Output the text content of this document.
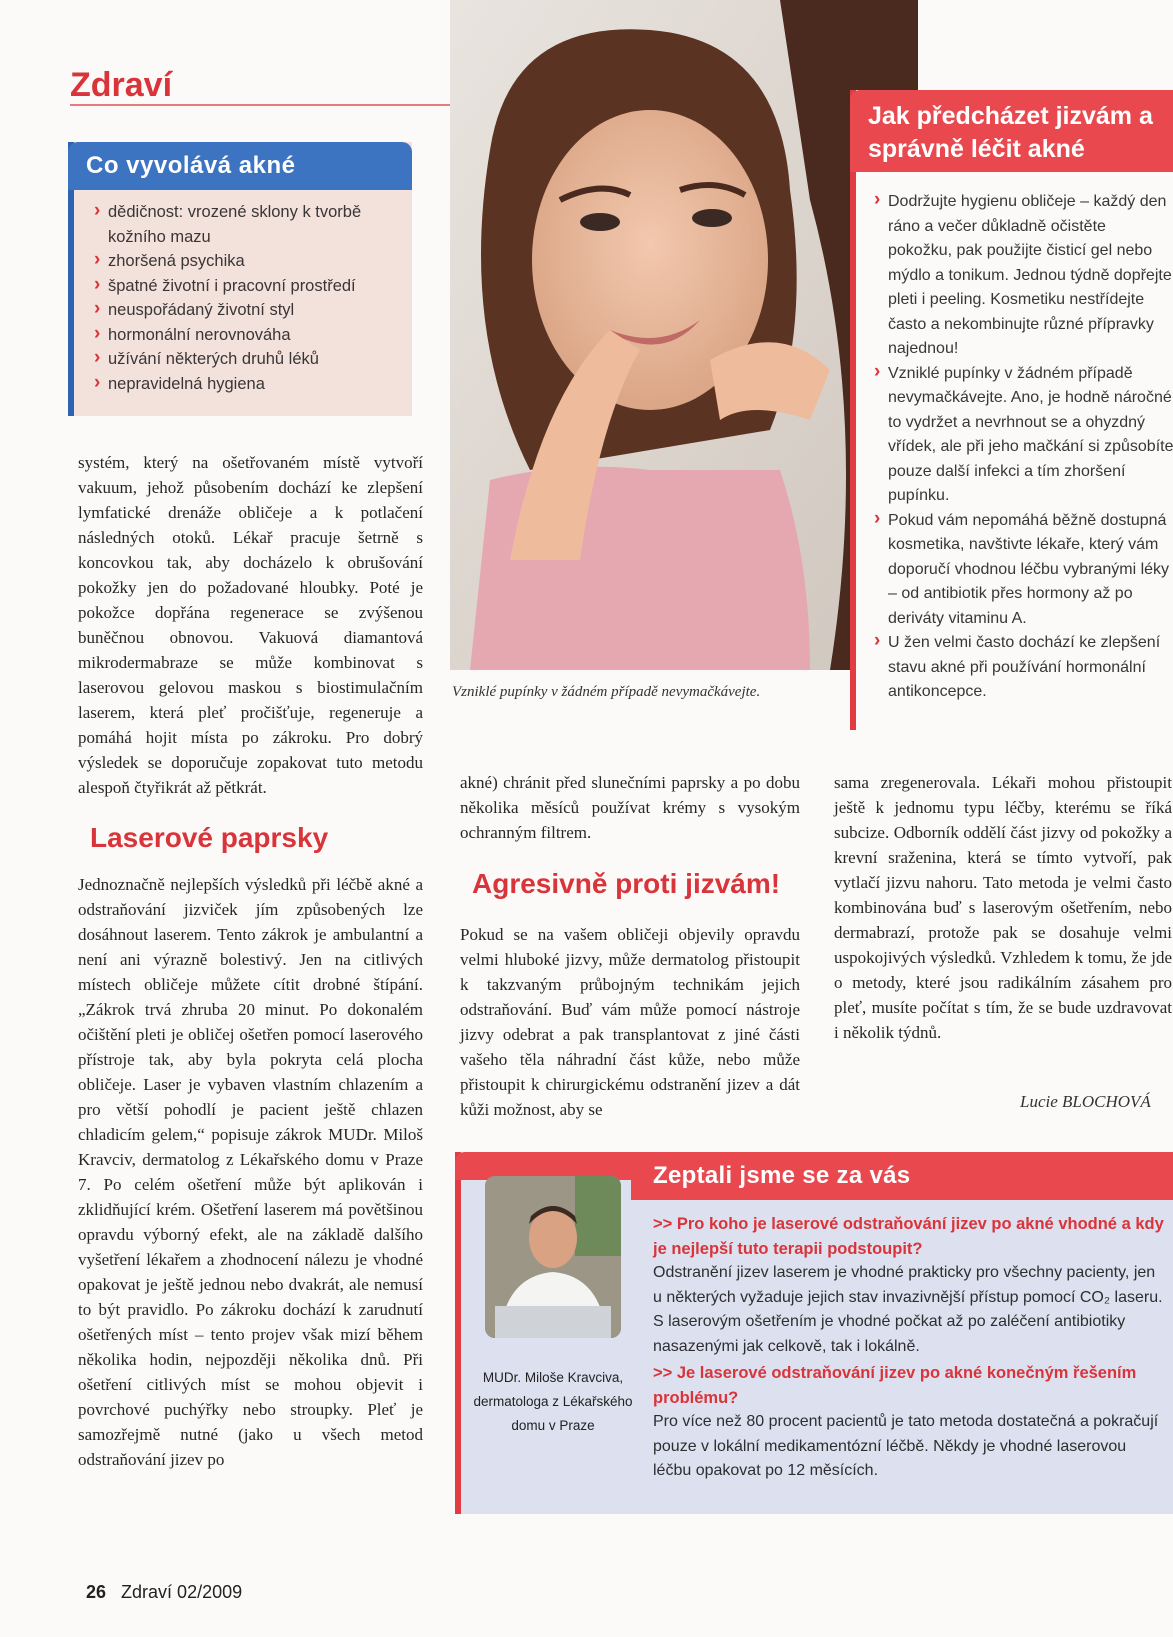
Zdraví
Co vyvolává akné
› dědičnost: vrozené sklony k tvorbě kožního mazu
› zhoršená psychika
› špatné životní i pracovní prostředí
› neuspořádaný životní styl
› hormonální nerovnováha
› užívání některých druhů léků
› nepravidelná hygiena

systém, který na ošetřovaném místě vytvoří vakuum, jehož působením dochází ke zlepšení lymfatické drenáže obličeje a k potlačení následných otoků. Lékař pracuje šetrně s koncovkou tak, aby docházelo k obrušování pokožky jen do požadované hloubky. Poté je pokožce dopřána regenerace se zvýšenou buněčnou obnovou. Vakuová diamantová mikrodermabraze se může kombinovat s laserovou gelovou maskou s biostimulačním laserem, která pleť pročišťuje, regeneruje a pomáhá hojit místa po zákroku. Pro dobrý výsledek se doporučuje zopakovat tuto metodu alespoň čtyřikrát až pětkrát.

Laserové paprsky

Jednoznačně nejlepších výsledků při léčbě akné a odstraňování jizviček jím způsobených lze dosáhnout laserem. Tento zákrok je ambulantní a není ani výrazně bolestivý. Jen na citlivých místech obličeje můžete cítit drobné štípání. „Zákrok trvá zhruba 20 minut. Po dokonalém očištění pleti je obličej ošetřen pomocí laserového přístroje tak, aby byla pokryta celá plocha obličeje. Laser je vybaven vlastním chlazením a pro větší pohodlí je pacient ještě chlazen chladicím gelem,“ popisuje zákrok MUDr. Miloš Kravciv, dermatolog z Lékařského domu v Praze 7. Po celém ošetření může být aplikován i zklidňující krém. Ošetření laserem má povětšinou opravdu výborný efekt, ale na základě dalšího vyšetření lékařem a zhodnocení nálezu je vhodné opakovat je ještě jednou nebo dvakrát, ale nemusí to být pravidlo. Po zákroku dochází k zarudnutí ošetřených míst – tento projev však mizí během několika hodin, nejpozději několika dnů. Při ošetření citlivých míst se mohou objevit i povrchové puchýřky nebo stroupky. Pleť je samozřejmě nutné (jako u všech metod odstraňování jizev po

Vzniklé pupínky v žádném případě nevymačkávejte.

akné) chránit před slunečními paprsky a po dobu několika měsíců používat krémy s vysokým ochranným filtrem.

Agresivně proti jizvám!

Pokud se na vašem obličeji objevily opravdu velmi hluboké jizvy, může dermatolog přistoupit k takzvaným průbojným technikám jejich odstraňování. Buď vám může pomocí nástroje jizvy odebrat a pak transplantovat z jiné části vašeho těla náhradní část kůže, nebo může přistoupit k chirurgickému odstranění jizev a dát kůži možnost, aby se

sama zregenerovala. Lékaři mohou přistoupit ještě k jednomu typu léčby, kterému se říká subcize. Odborník oddělí část jizvy od pokožky a krevní sraženina, která se tímto vytvoří, pak vytlačí jizvu nahoru. Tato metoda je velmi často kombinována buď s laserovým ošetřením, nebo dermabrazí, protože pak se dosahuje velmi uspokojivých výsledků. Vzhledem k tomu, že jde o metody, které jsou radikálním zásahem pro pleť, musíte počítat s tím, že se bude uzdravovat i několik týdnů.

Lucie BLOCHOVÁ
Jak předcházet jizvám a správně léčit akné
› Dodržujte hygienu obličeje – každý den ráno a večer důkladně očistěte pokožku, pak použijte čisticí gel nebo mýdlo a tonikum. Jednou týdně dopřejte pleti i peeling. Kosmetiku nestřídejte často a nekombinujte různé přípravky najednou!
› Vzniklé pupínky v žádném případě nevymačkávejte. Ano, je hodně náročné to vydržet a nevrhnout se a ohyzdný vřídek, ale při jeho mačkání si způsobíte pouze další infekci a tím zhoršení pupínku.
› Pokud vám nepomáhá běžně dostupná kosmetika, navštivte lékaře, který vám doporučí vhodnou léčbu vybranými léky – od antibiotik přes hormony až po deriváty vitaminu A.
› U žen velmi často dochází ke zlepšení stavu akné při používání hormonální antikoncepce.
Zeptali jsme se za vás
MUDr. Miloše Kravciva, dermatologa z Lékařského domu v Praze
>> Pro koho je laserové odstraňování jizev po akné vhodné a kdy je nejlepší tuto terapii podstoupit?
Odstranění jizev laserem je vhodné prakticky pro všechny pacienty, jen u některých vyžaduje jejich stav invazivnější přístup pomocí CO₂ laseru. S laserovým ošetřením je vhodné počkat až po zaléčení antibiotiky nasazenými jak celkově, tak i lokálně.
>> Je laserové odstraňování jizev po akné konečným řešením problému?
Pro více než 80 procent pacientů je tato metoda dostatečná a pokračují pouze v lokální medikamentózní léčbě. Někdy je vhodné laserovou léčbu opakovat po 12 měsících.
26 Zdraví 02/2009
